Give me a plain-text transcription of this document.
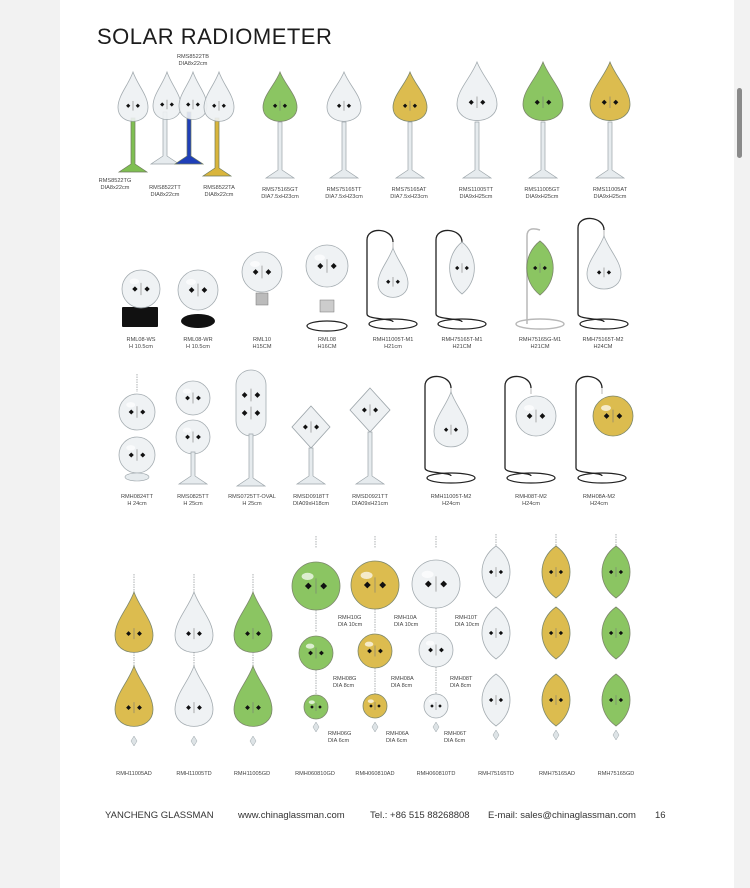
SOLAR RADIOMETER
RMS8522TB
DIA8x22cm
RMS8522TG
DIA8x22cm	RMS8522TT
DIA8x22cm
RMS8522TA
DIA8x22cm
RMS75165GT
DIA7.5xH23cm
RMS75165TT
DIA7.5xH23cm
RMS75165AT
DIA7.5xH23cm
RMS11005TT
DIA9xH25cm
RMS11005GT
DIA9xH25cm
RMS11005AT
DIA9xH25cm
RML08-WS
H 10.5cm
RML08-WR
H 10.5cm
RML10
H15CM
RML08
H16CM
RMH11005T-M1
H21cm
RMH75165T-M1
H21CM
RMH75165G-M1
H21CM
RMH75165T-M2
H24CM
RMH0824TT
H 24cm
RMS0825TT
H 25cm
RMS0725TT-OVAL
H 25cm
RMSD0918TT
DIA09xH18cm
RMSD0921TT
DIA09xH21cm
RMH11005T-M2
H24cm
RMH08T-M2
H24cm
RMH08A-M2
H24cm
RMH10G
DIA 10cm
RMH10A
DIA 10cm
RMH10T
DIA 10cm
RMH08G
DIA 8cm
RMH08A
DIA 8cm
RMH08T
DIA 8cm
RMH06G
DIA 6cm
RMH06A
DIA 6cm
RMH06T
DIA 6cm
RMH11005AD	RMH11005TD	RMH11005GD	RMH060810GD	RMH060810AD	RMH060810TD	RMH75165TD	RMH75165AD	RMH75165GD
YANCHENG GLASSMAN	www.chinaglassman.com	Tel.: +86 515 88268808 E-mail: sales@chinaglassman.com 16
